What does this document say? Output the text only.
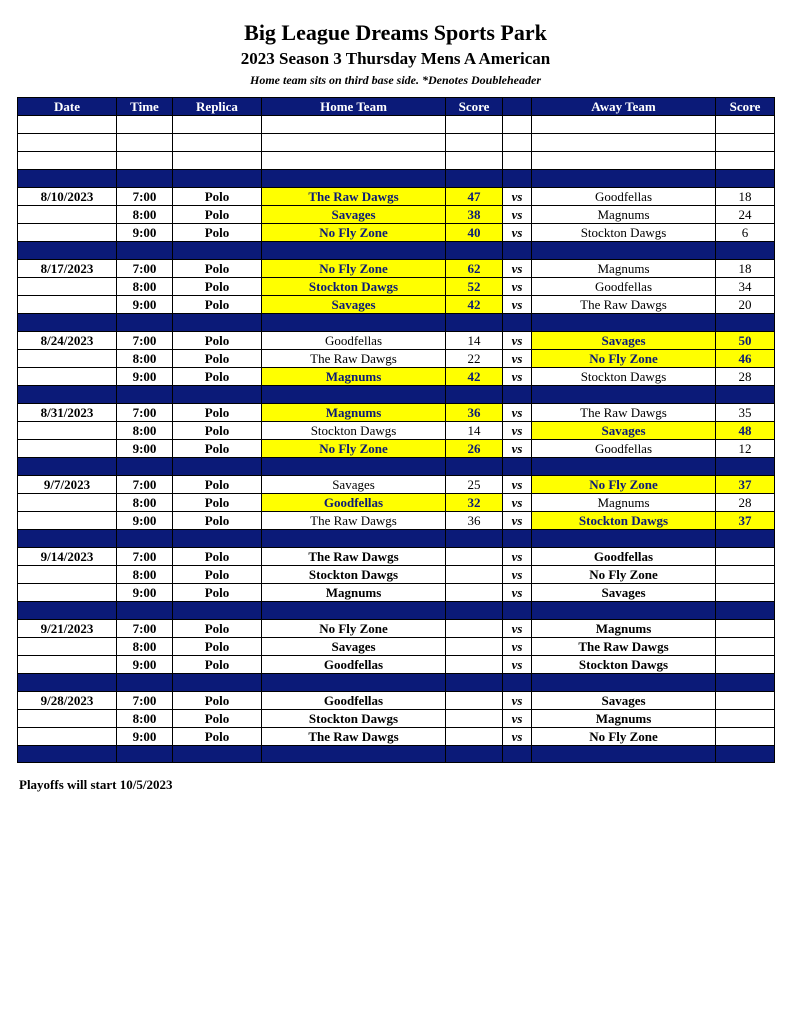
Big League Dreams Sports Park
2023 Season 3 Thursday Mens A American
Home team sits on third base side. *Denotes Doubleheader
Date	Time	Replica	Home Team	Score		Away Team	Score

8/10/2023	7:00	Polo	The Raw Dawgs	47	vs	Goodfellas	18
	8:00	Polo	Savages	38	vs	Magnums	24
	9:00	Polo	No Fly Zone	40	vs	Stockton Dawgs	6

8/17/2023	7:00	Polo	No Fly Zone	62	vs	Magnums	18
	8:00	Polo	Stockton Dawgs	52	vs	Goodfellas	34
	9:00	Polo	Savages	42	vs	The Raw Dawgs	20

8/24/2023	7:00	Polo	Goodfellas	14	vs	Savages	50
	8:00	Polo	The Raw Dawgs	22	vs	No Fly Zone	46
	9:00	Polo	Magnums	42	vs	Stockton Dawgs	28

8/31/2023	7:00	Polo	Magnums	36	vs	The Raw Dawgs	35
	8:00	Polo	Stockton Dawgs	14	vs	Savages	48
	9:00	Polo	No Fly Zone	26	vs	Goodfellas	12

9/7/2023	7:00	Polo	Savages	25	vs	No Fly Zone	37
	8:00	Polo	Goodfellas	32	vs	Magnums	28
	9:00	Polo	The Raw Dawgs	36	vs	Stockton Dawgs	37

9/14/2023	7:00	Polo	The Raw Dawgs		vs	Goodfellas	
	8:00	Polo	Stockton Dawgs		vs	No Fly Zone	
	9:00	Polo	Magnums		vs	Savages	

9/21/2023	7:00	Polo	No Fly Zone		vs	Magnums	
	8:00	Polo	Savages		vs	The Raw Dawgs	
	9:00	Polo	Goodfellas		vs	Stockton Dawgs	

9/28/2023	7:00	Polo	Goodfellas		vs	Savages	
	8:00	Polo	Stockton Dawgs		vs	Magnums	
	9:00	Polo	The Raw Dawgs		vs	No Fly Zone	

Playoffs will start 10/5/2023
